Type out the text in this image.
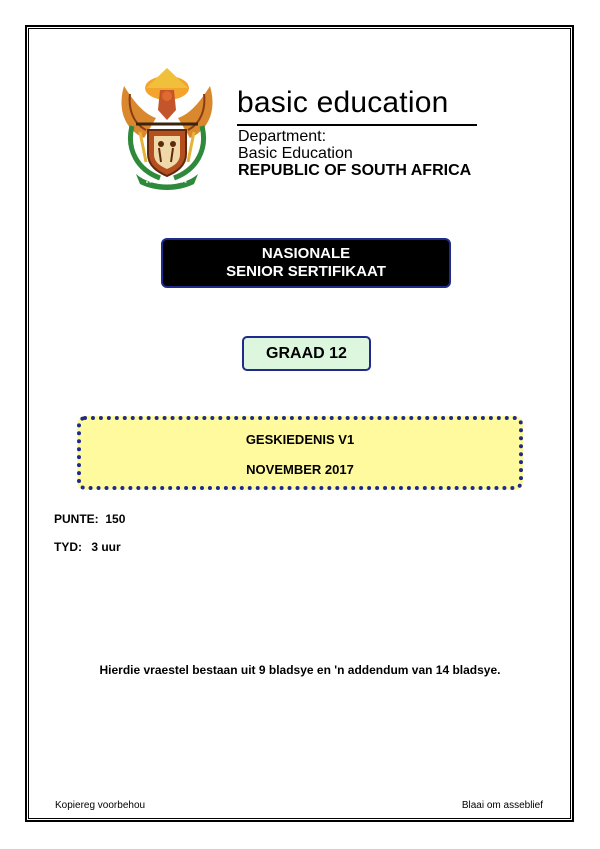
basic education
Department:
Basic Education
REPUBLIC OF SOUTH AFRICA
NASIONALE
SENIOR SERTIFIKAAT
GRAAD 12
GESKIEDENIS V1
NOVEMBER 2017
PUNTE: 150
TYD: 3 uur
Hierdie vraestel bestaan uit 9 bladsye en 'n addendum van 14 bladsye.
Kopiereg voorbehou	Blaai om asseblief
